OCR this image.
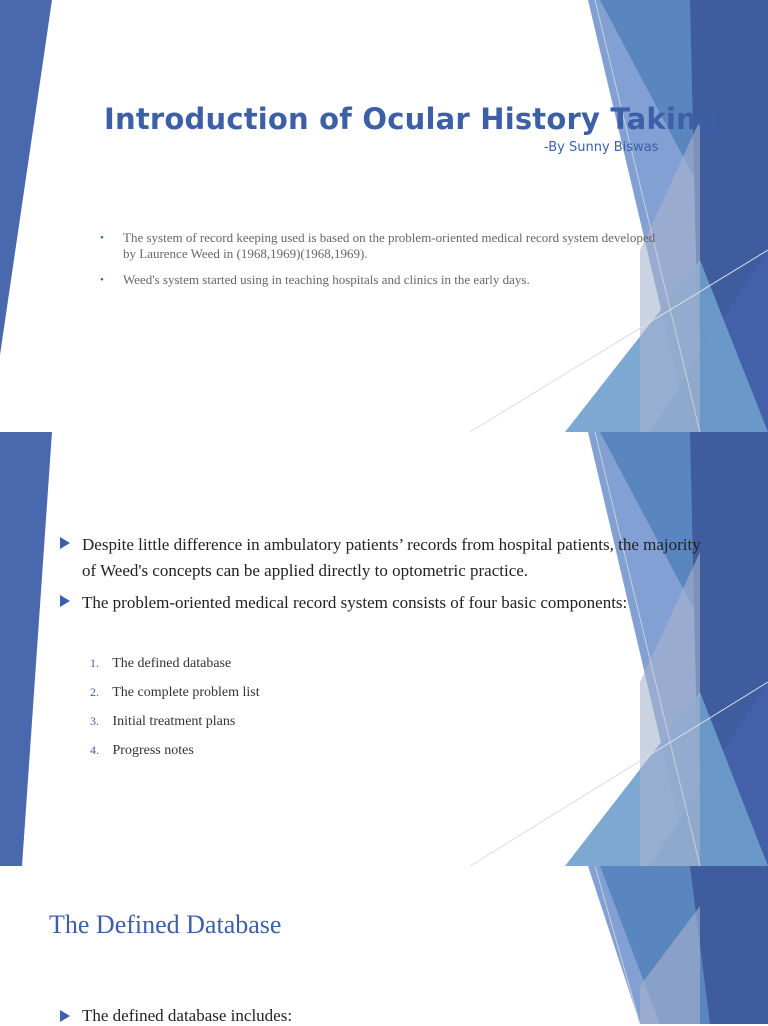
Introduction of Ocular History Taking
-By Sunny Biswas
• The system of record keeping used is based on the problem-oriented medical record system developed by Laurence Weed in (1968,1969)(1968,1969).
• Weed's system started using in teaching hospitals and clinics in the early days.
Despite little difference in ambulatory patients’ records from hospital patients, the majority of Weed's concepts can be applied directly to optometric practice.
The problem-oriented medical record system consists of four basic components:
1. The defined database
2. The complete problem list
3. Initial treatment plans
4. Progress notes
The Defined Database
The defined database includes:
